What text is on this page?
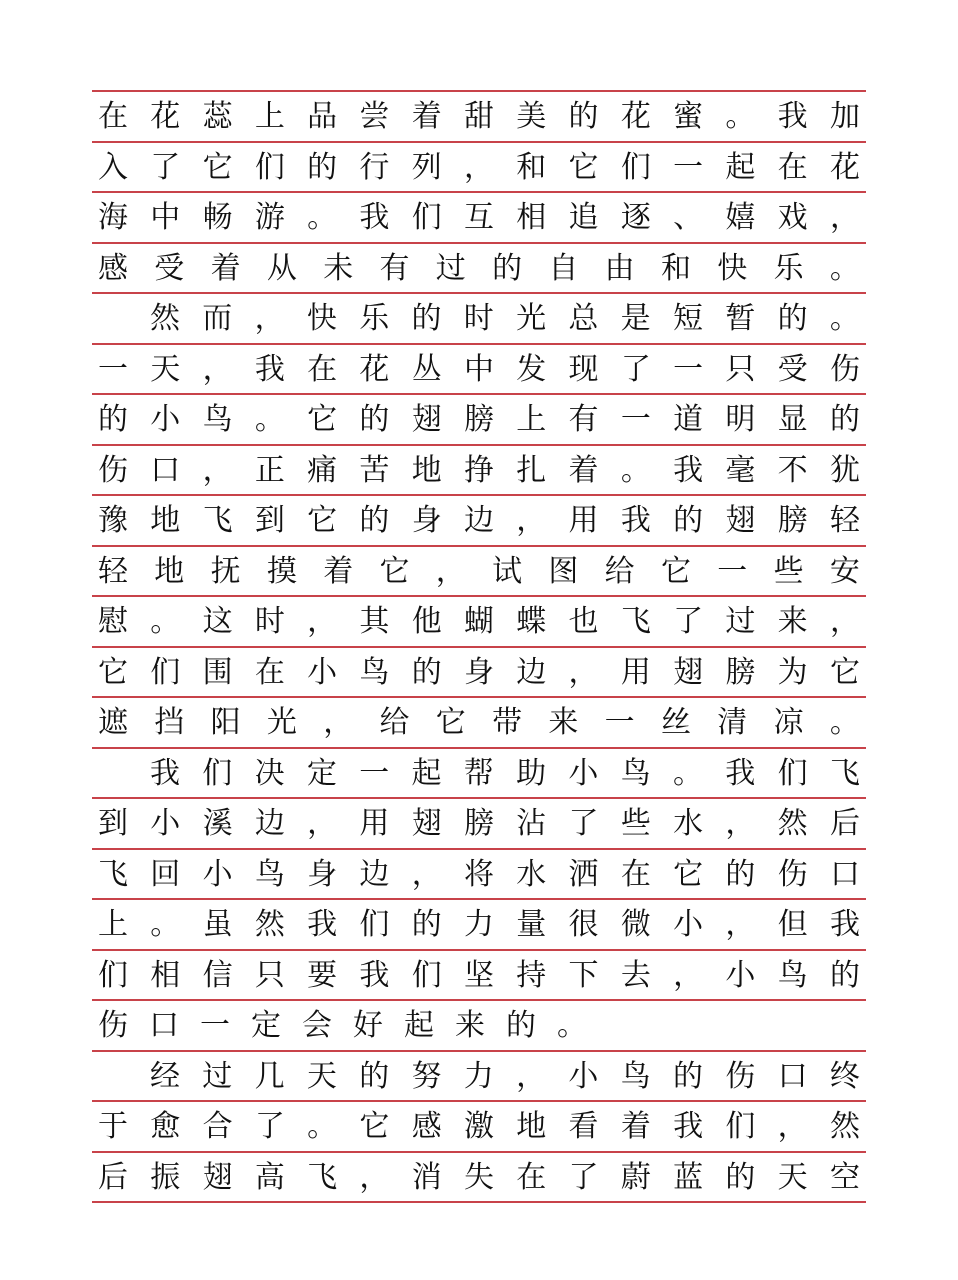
在 花 蕊 上 品 尝 着 甜 美 的 花 蜜 。 我 加
入 了 它 们 的 行 列 ， 和 它 们 一 起 在 花
海 中 畅 游 。 我 们 互 相 追 逐 、 嬉 戏 ，
感 受 着 从 未 有 过 的 自 由 和 快 乐 。
然 而 ， 快 乐 的 时 光 总 是 短 暂 的 。
一 天 ， 我 在 花 丛 中 发 现 了 一 只 受 伤
的 小 鸟 。 它 的 翅 膀 上 有 一 道 明 显 的
伤 口 ， 正 痛 苦 地 挣 扎 着 。 我 毫 不 犹
豫 地 飞 到 它 的 身 边 ， 用 我 的 翅 膀 轻
轻 地 抚 摸 着 它 ， 试 图 给 它 一 些 安
慰 。 这 时 ， 其 他 蝴 蝶 也 飞 了 过 来 ，
它 们 围 在 小 鸟 的 身 边 ， 用 翅 膀 为 它
遮 挡 阳 光 ， 给 它 带 来 一 丝 清 凉 。
我 们 决 定 一 起 帮 助 小 鸟 。 我 们 飞
到 小 溪 边 ， 用 翅 膀 沾 了 些 水 ， 然 后
飞 回 小 鸟 身 边 ， 将 水 洒 在 它 的 伤 口
上 。 虽 然 我 们 的 力 量 很 微 小 ， 但 我
们 相 信 只 要 我 们 坚 持 下 去 ， 小 鸟 的
伤 口 一 定 会 好 起 来 的 。
经 过 几 天 的 努 力 ， 小 鸟 的 伤 口 终
于 愈 合 了 。 它 感 激 地 看 着 我 们 ， 然
后 振 翅 高 飞 ， 消 失 在 了 蔚 蓝 的 天 空
